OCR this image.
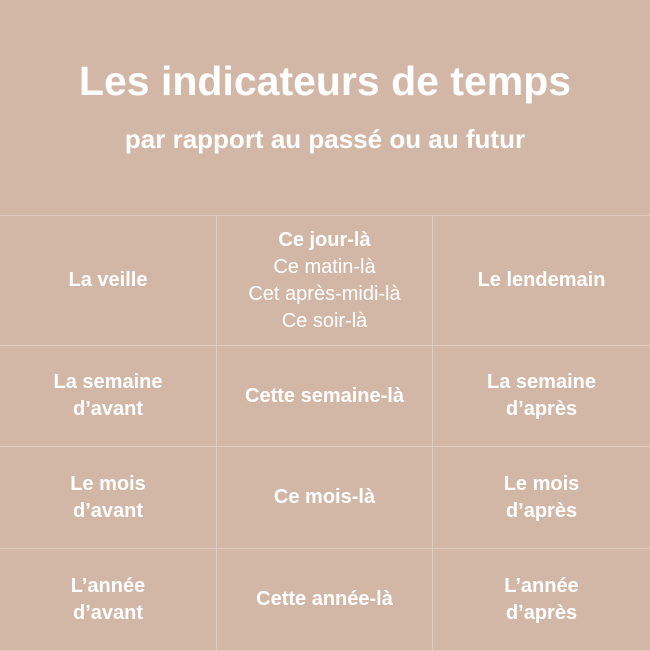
Les indicateurs de temps
par rapport au passé ou au futur
La veille
Ce jour-là
Ce matin-là
Cet après-midi-là
Ce soir-là
Le lendemain
La semaine
d’avant
Cette semaine-là
La semaine
d’après
Le mois
d’avant
Ce mois-là
Le mois
d’après
L’année
d’avant
Cette année-là
L’année
d’après
